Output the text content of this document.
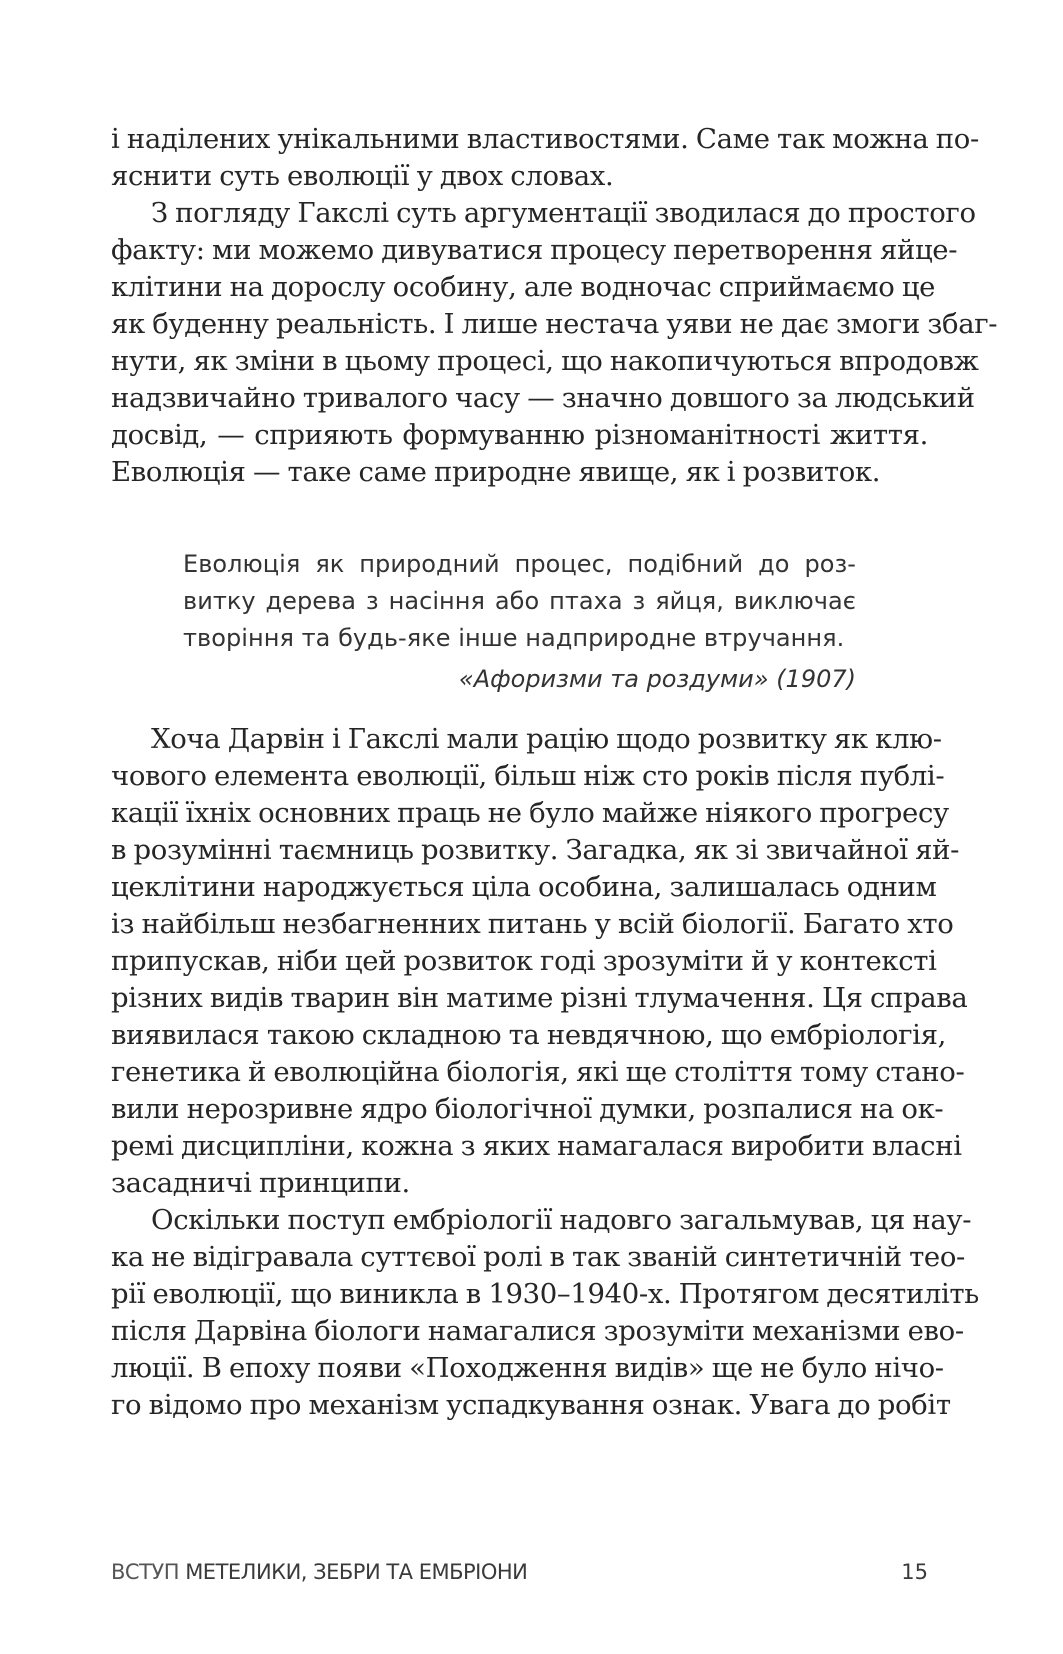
і наділених унікальними властивостями. Саме так можна по-
яснити суть еволюції у двох словах.
З погляду Гакслі суть аргументації зводилася до простого
факту: ми можемо дивуватися процесу перетворення яйце-
клітини на дорослу особину, але водночас сприймаємо це
як буденну реальність. І лише нестача уяви не дає змоги збаг-
нути, як зміни в цьому процесі, що накопичуються впродовж
надзвичайно тривалого часу — значно довшого за людський
досвід, — сприяють формуванню різноманітності життя.
Еволюція — таке саме природне явище, як і розвиток.
Еволюція як природний процес, подібний до роз-
витку дерева з насіння або птаха з яйця, виключає
творіння та будь-яке інше надприродне втручання.
«Афоризми та роздуми» (1907)
Хоча Дарвін і Гакслі мали рацію щодо розвитку як клю-
чового елемента еволюції, більш ніж сто років після публі-
кації їхніх основних праць не було майже ніякого прогресу
в розумінні таємниць розвитку. Загадка, як зі звичайної яй-
цеклітини народжується ціла особина, залишалась одним
із найбільш незбагненних питань у всій біології. Багато хто
припускав, ніби цей розвиток годі зрозуміти й у контексті
різних видів тварин він матиме різні тлумачення. Ця справа
виявилася такою складною та невдячною, що ембріологія,
генетика й еволюційна біологія, які ще століття тому стано-
вили нерозривне ядро біологічної думки, розпалися на ок-
ремі дисципліни, кожна з яких намагалася виробити власні
засадничі принципи.
Оскільки поступ ембріології надовго загальмував, ця нау-
ка не відігравала суттєвої ролі в так званій синтетичній тео-
рії еволюції, що виникла в 1930–1940-х. Протягом десятиліть
після Дарвіна біологи намагалися зрозуміти механізми ево-
люції. В епоху появи «Походження видів» ще не було нічо-
го відомо про механізм успадкування ознак. Увага до робіт
ВСТУП МЕТЕЛИКИ, ЗЕБРИ ТА ЕМБРІОНИ	15
